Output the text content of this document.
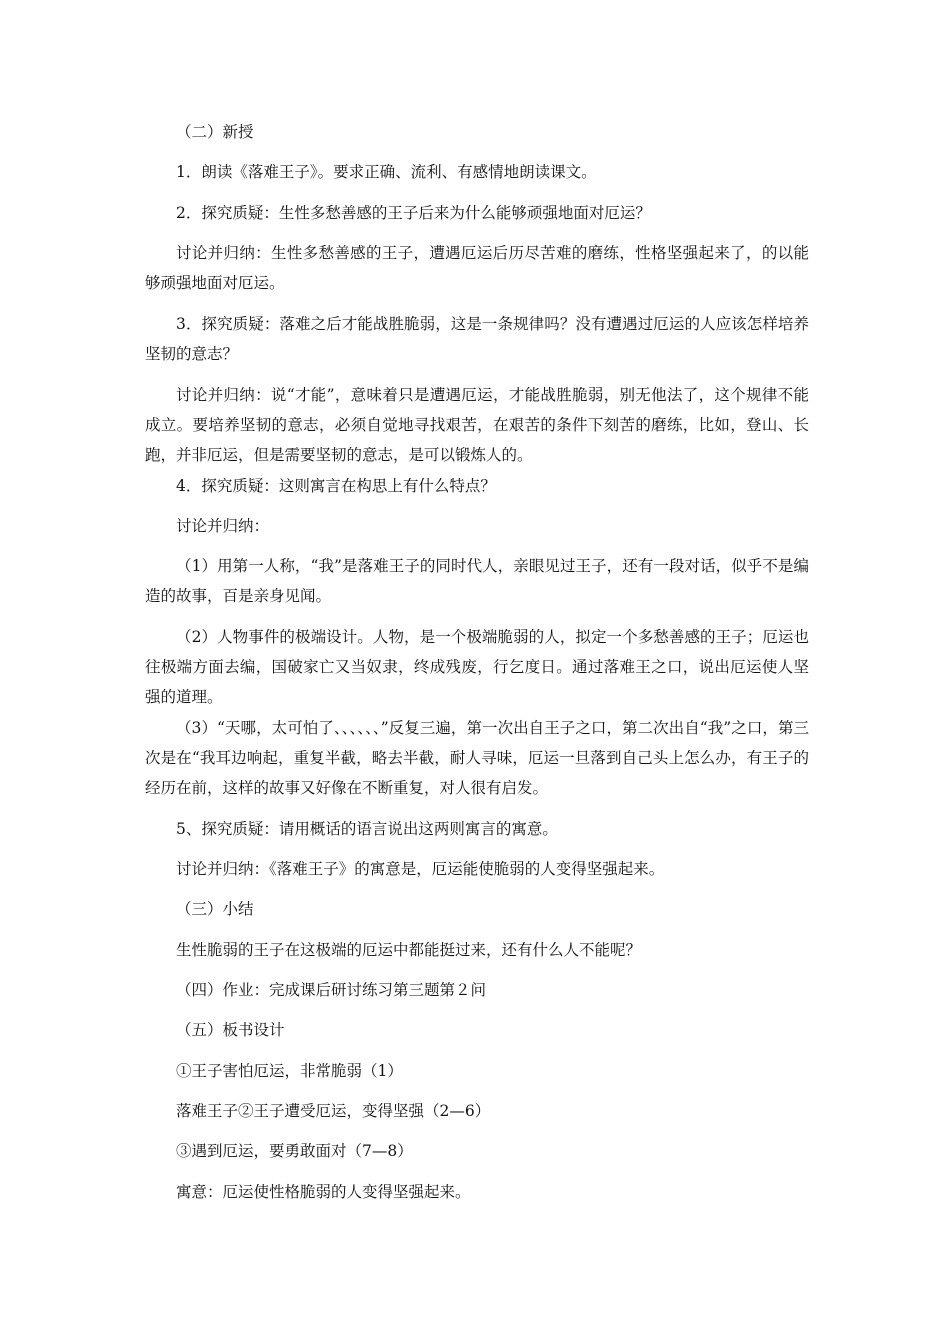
（二）新授

1．朗读《落难王子》。要求正确、流利、有感情地朗读课文。

2．探究质疑：生性多愁善感的王子后来为什么能够顽强地面对厄运？

讨论并归纳：生性多愁善感的王子，遭遇厄运后历尽苦难的磨练，性格坚强起来了，的以能够顽强地面对厄运。

3．探究质疑：落难之后才能战胜脆弱，这是一条规律吗？没有遭遇过厄运的人应该怎样培养坚韧的意志？

讨论并归纳：说“才能”，意味着只是遭遇厄运，才能战胜脆弱，别无他法了，这个规律不能成立。要培养坚韧的意志，必须自觉地寻找艰苦，在艰苦的条件下刻苦的磨练，比如，登山、长跑，并非厄运，但是需要坚韧的意志，是可以锻炼人的。

4．探究质疑：这则寓言在构思上有什么特点？

讨论并归纳：

（1）用第一人称，“我”是落难王子的同时代人，亲眼见过王子，还有一段对话，似乎不是编造的故事，百是亲身见闻。

（2）人物事件的极端设计。人物，是一个极端脆弱的人，拟定一个多愁善感的王子；厄运也往极端方面去编，国破家亡又当奴隶，终成残废，行乞度日。通过落难王之口，说出厄运使人坚强的道理。

（3）“天哪，太可怕了、、、、、、”反复三遍，第一次出自王子之口，第二次出自“我”之口，第三次是在“我耳边响起，重复半截，略去半截，耐人寻味，厄运一旦落到自己头上怎么办，有王子的经历在前，这样的故事又好像在不断重复，对人很有启发。

5、探究质疑：请用概话的语言说出这两则寓言的寓意。

讨论并归纳：《落难王子》的寓意是，厄运能使脆弱的人变得坚强起来。

（三）小结

生性脆弱的王子在这极端的厄运中都能挺过来，还有什么人不能呢？

（四）作业：完成课后研讨练习第三题第２问

（五）板书设计

①王子害怕厄运，非常脆弱（1）

落难王子②王子遭受厄运，变得坚强（2—6）

③遇到厄运，要勇敢面对（7—8）

寓意：厄运使性格脆弱的人变得坚强起来。
